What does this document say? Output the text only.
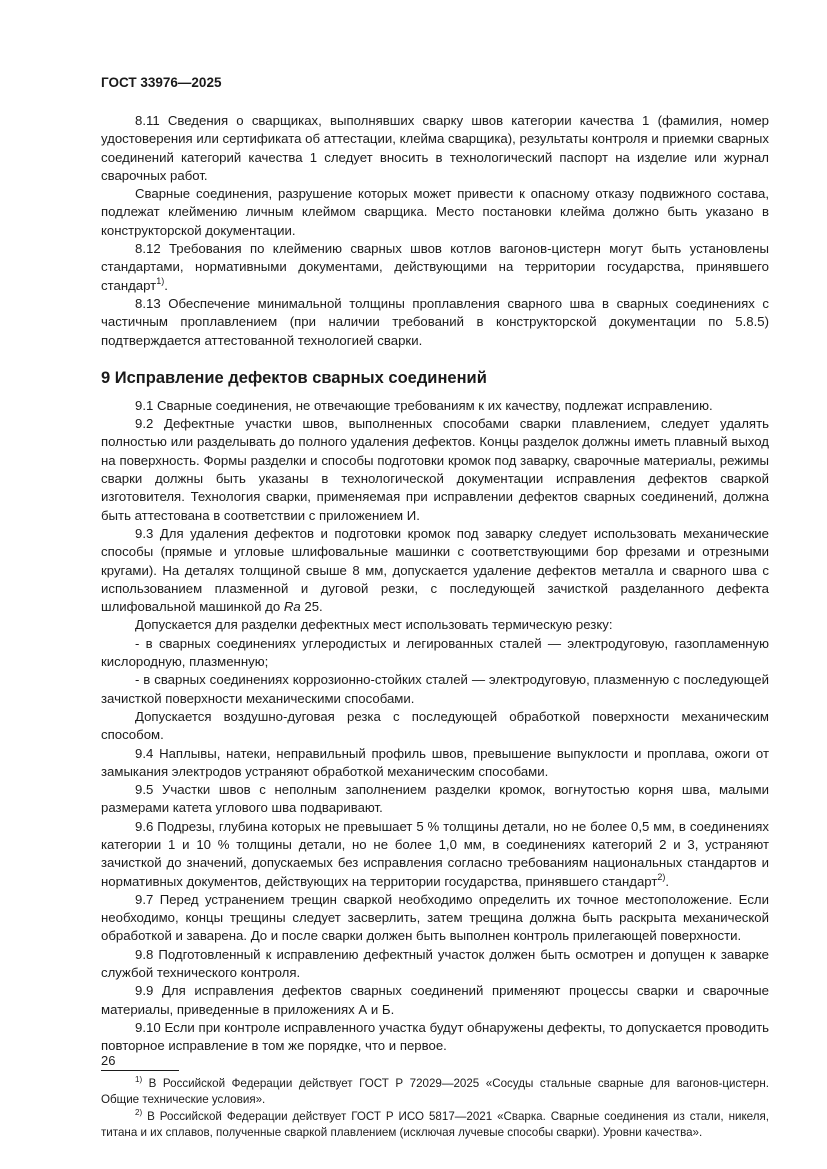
ГОСТ 33976—2025

8.11 Сведения о сварщиках, выполнявших сварку швов категории качества 1 (фамилия, номер удостоверения или сертификата об аттестации, клейма сварщика), результаты контроля и приемки сварных соединений категорий качества 1 следует вносить в технологический паспорт на изделие или журнал сварочных работ.

Сварные соединения, разрушение которых может привести к опасному отказу подвижного состава, подлежат клеймению личным клеймом сварщика. Место постановки клейма должно быть указано в конструкторской документации.

8.12 Требования по клеймению сварных швов котлов вагонов-цистерн могут быть установлены стандартами, нормативными документами, действующими на территории государства, принявшего стандарт$^{1)}$.

8.13 Обеспечение минимальной толщины проплавления сварного шва в сварных соединениях с частичным проплавлением (при наличии требований в конструкторской документации по 5.8.5) подтверждается аттестованной технологией сварки.

9 Исправление дефектов сварных соединений

9.1 Сварные соединения, не отвечающие требованиям к их качеству, подлежат исправлению.

9.2 Дефектные участки швов, выполненных способами сварки плавлением, следует удалять полностью или разделывать до полного удаления дефектов. Концы разделок должны иметь плавный выход на поверхность. Формы разделки и способы подготовки кромок под заварку, сварочные материалы, режимы сварки должны быть указаны в технологической документации исправления дефектов сваркой изготовителя. Технология сварки, применяемая при исправлении дефектов сварных соединений, должна быть аттестована в соответствии с приложением И.

9.3 Для удаления дефектов и подготовки кромок под заварку следует использовать механические способы (прямые и угловые шлифовальные машинки с соответствующими бор фрезами и отрезными кругами). На деталях толщиной свыше 8 мм, допускается удаление дефектов металла и сварного шва с использованием плазменной и дуговой резки, с последующей зачисткой разделанного дефекта шлифовальной машинкой до Ra 25.

Допускается для разделки дефектных мест использовать термическую резку:

- в сварных соединениях углеродистых и легированных сталей — электродуговую, газопламенную кислородную, плазменную;

- в сварных соединениях коррозионно-стойких сталей — электродуговую, плазменную с последующей зачисткой поверхности механическими способами.

Допускается воздушно-дуговая резка с последующей обработкой поверхности механическим способом.

9.4 Наплывы, натеки, неправильный профиль швов, превышение выпуклости и проплава, ожоги от замыкания электродов устраняют обработкой механическим способами.

9.5 Участки швов с неполным заполнением разделки кромок, вогнутостью корня шва, малыми размерами катета углового шва подваривают.

9.6 Подрезы, глубина которых не превышает 5 % толщины детали, но не более 0,5 мм, в соединениях категории 1 и 10 % толщины детали, но не более 1,0 мм, в соединениях категорий 2 и 3, устраняют зачисткой до значений, допускаемых без исправления согласно требованиям национальных стандартов и нормативных документов, действующих на территории государства, принявшего стандарт$^{2)}$.

9.7 Перед устранением трещин сваркой необходимо определить их точное местоположение. Если необходимо, концы трещины следует засверлить, затем трещина должна быть раскрыта механической обработкой и заварена. До и после сварки должен быть выполнен контроль прилегающей поверхности.

9.8 Подготовленный к исправлению дефектный участок должен быть осмотрен и допущен к заварке службой технического контроля.

9.9 Для исправления дефектов сварных соединений применяют процессы сварки и сварочные материалы, приведенные в приложениях А и Б.

9.10 Если при контроле исправленного участка будут обнаружены дефекты, то допускается проводить повторное исправление в том же порядке, что и первое.

$^{1)}$ В Российской Федерации действует ГОСТ Р 72029—2025 «Сосуды стальные сварные для вагонов-цистерн. Общие технические условия».

$^{2)}$ В Российской Федерации действует ГОСТ Р ИСО 5817—2021 «Сварка. Сварные соединения из стали, никеля, титана и их сплавов, полученные сваркой плавлением (исключая лучевые способы сварки). Уровни качества».

26
